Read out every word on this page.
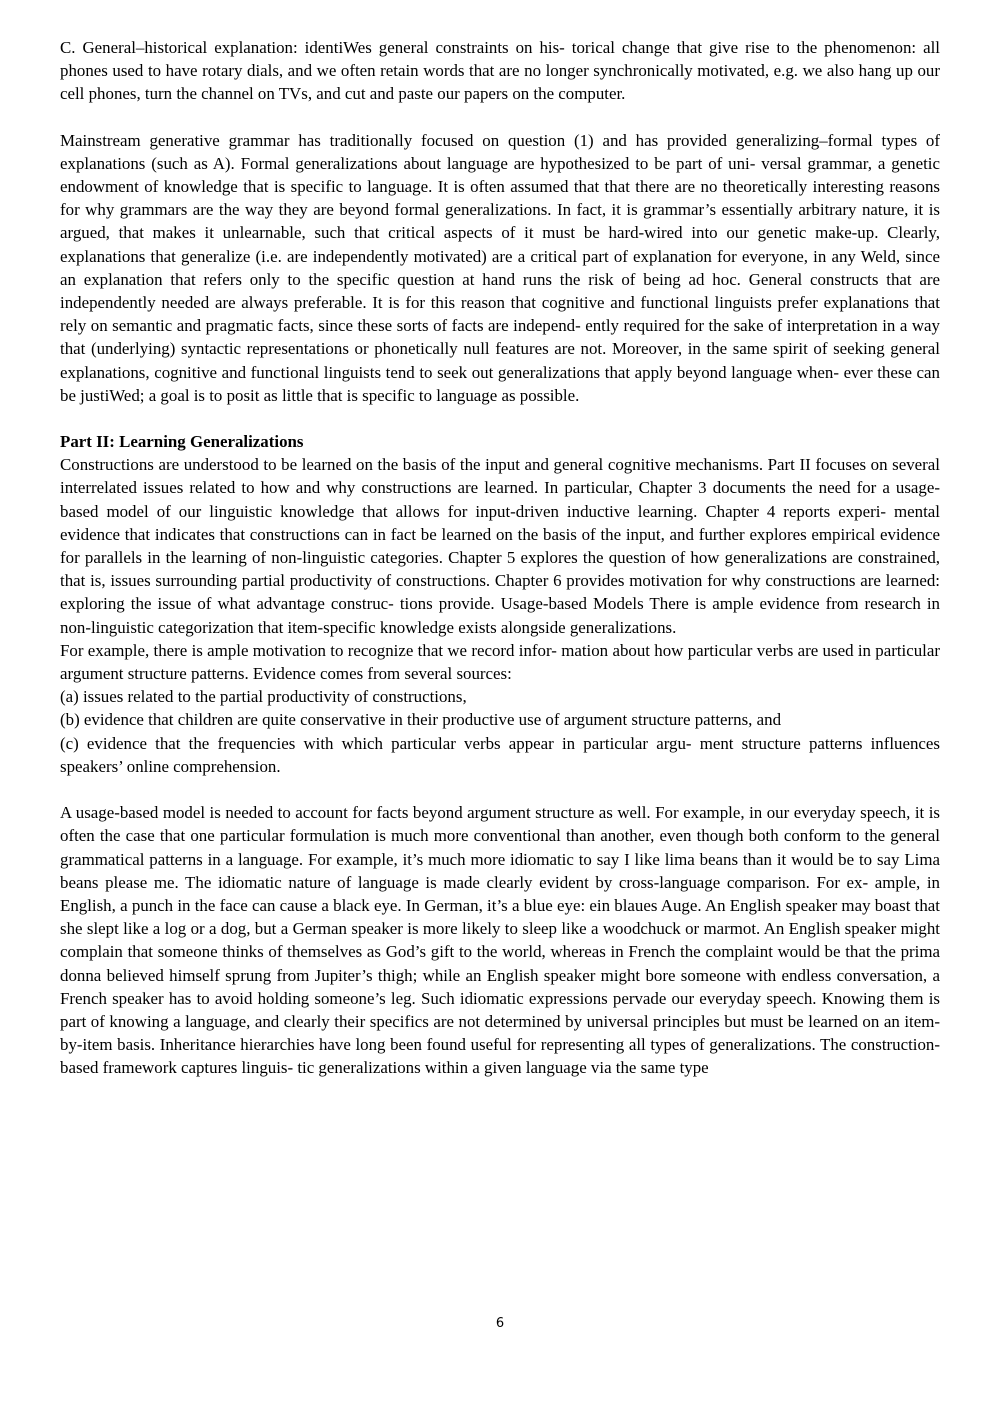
C. General–historical explanation: identiWes general constraints on his- torical change that give rise to the phenomenon: all phones used to have rotary dials, and we often retain words that are no longer synchronically motivated, e.g. we also hang up our cell phones, turn the channel on TVs, and cut and paste our papers on the computer.

Mainstream generative grammar has traditionally focused on question (1) and has provided generalizing–formal types of explanations (such as A). Formal generalizations about language are hypothesized to be part of uni- versal grammar, a genetic endowment of knowledge that is specific to language. It is often assumed that that there are no theoretically interesting reasons for why grammars are the way they are beyond formal generalizations. In fact, it is grammar’s essentially arbitrary nature, it is argued, that makes it unlearnable, such that critical aspects of it must be hard-wired into our genetic make-up. Clearly, explanations that generalize (i.e. are independently motivated) are a critical part of explanation for everyone, in any Weld, since an explanation that refers only to the specific question at hand runs the risk of being ad hoc. General constructs that are independently needed are always preferable. It is for this reason that cognitive and functional linguists prefer explanations that rely on semantic and pragmatic facts, since these sorts of facts are independ- ently required for the sake of interpretation in a way that (underlying) syntactic representations or phonetically null features are not. Moreover, in the same spirit of seeking general explanations, cognitive and functional linguists tend to seek out generalizations that apply beyond language when- ever these can be justiWed; a goal is to posit as little that is specific to language as possible.

Part II: Learning Generalizations

Constructions are understood to be learned on the basis of the input and general cognitive mechanisms. Part II focuses on several interrelated issues related to how and why constructions are learned. In particular, Chapter 3 documents the need for a usage-based model of our linguistic knowledge that allows for input-driven inductive learning. Chapter 4 reports experi- mental evidence that indicates that constructions can in fact be learned on the basis of the input, and further explores empirical evidence for parallels in the learning of non-linguistic categories. Chapter 5 explores the question of how generalizations are constrained, that is, issues surrounding partial productivity of constructions. Chapter 6 provides motivation for why constructions are learned: exploring the issue of what advantage construc- tions provide. Usage-based Models There is ample evidence from research in non-linguistic categorization that item-specific knowledge exists alongside generalizations.

For example, there is ample motivation to recognize that we record infor- mation about how particular verbs are used in particular argument structure patterns. Evidence comes from several sources:

(a) issues related to the partial productivity of constructions,

(b) evidence that children are quite conservative in their productive use of argument structure patterns, and

(c) evidence that the frequencies with which particular verbs appear in particular argu- ment structure patterns influences speakers’ online comprehension.

A usage-based model is needed to account for facts beyond argument structure as well. For example, in our everyday speech, it is often the case that one particular formulation is much more conventional than another, even though both conform to the general grammatical patterns in a language. For example, it’s much more idiomatic to say I like lima beans than it would be to say Lima beans please me. The idiomatic nature of language is made clearly evident by cross-language comparison. For ex- ample, in English, a punch in the face can cause a black eye. In German, it’s a blue eye: ein blaues Auge. An English speaker may boast that she slept like a log or a dog, but a German speaker is more likely to sleep like a woodchuck or marmot. An English speaker might complain that someone thinks of themselves as God’s gift to the world, whereas in French the complaint would be that the prima donna believed himself sprung from Jupiter’s thigh; while an English speaker might bore someone with endless conversation, a French speaker has to avoid holding someone’s leg. Such idiomatic expressions pervade our everyday speech. Knowing them is part of knowing a language, and clearly their specifics are not determined by universal principles but must be learned on an item-by-item basis. Inheritance hierarchies have long been found useful for representing all types of generalizations. The construction-based framework captures linguis- tic generalizations within a given language via the same type

6
